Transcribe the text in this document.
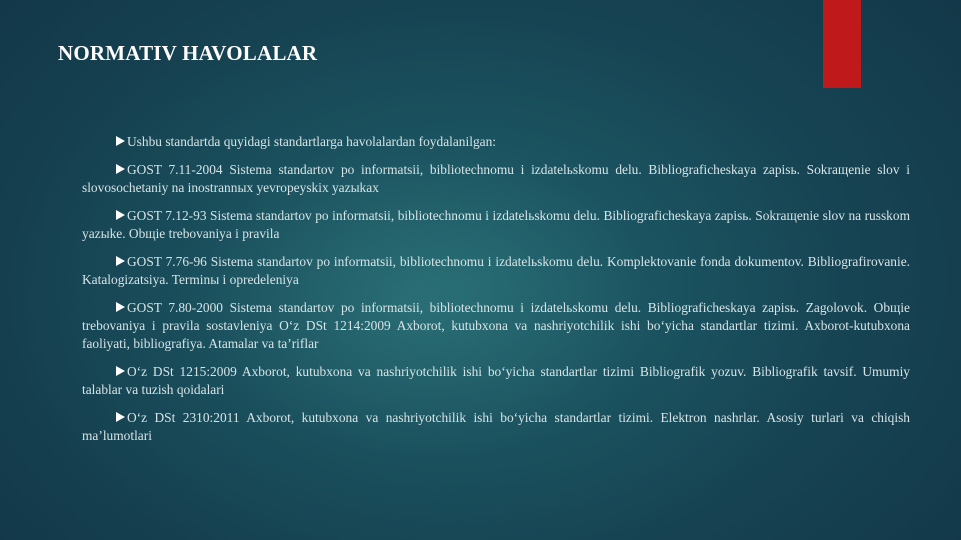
NORMATIV HAVOLALAR
Ushbu standartda quyidagi standartlarga havolalardan foydalanilgan:
GOST 7.11-2004 Sistema standartov po informatsii, bibliotechnomu i izdatelьskomu delu. Bibliograficheskaya zapisь. Sokraщenie slov i slovosochetaniy na inostrannыx yevropeyskix yazыkax
GOST 7.12-93 Sistema standartov po informatsii, bibliotechnomu i izdatelьskomu delu. Bibliograficheskaya zapisь. Sokraщenie slov na russkom yazыke. Obщie trebovaniya i pravila
GOST 7.76-96 Sistema standartov po informatsii, bibliotechnomu i izdatelьskomu delu. Komplektovanie fonda dokumentov. Bibliografirovanie. Katalogizatsiya. Terminы i opredeleniya
GOST 7.80-2000 Sistema standartov po informatsii, bibliotechnomu i izdatelьskomu delu. Bibliograficheskaya zapisь. Zagolovok. Obщie trebovaniya i pravila sostavleniya O‘z DSt 1214:2009 Axborot, kutubxona va nashriyotchilik ishi bo‘yicha standartlar tizimi. Axborot-kutubxona faoliyati, bibliografiya. Atamalar va ta’riflar
O‘z DSt 1215:2009 Axborot, kutubxona va nashriyotchilik ishi bo‘yicha standartlar tizimi Bibliografik yozuv. Bibliografik tavsif. Umumiy talablar va tuzish qoidalari
O‘z DSt 2310:2011 Axborot, kutubxona va nashriyotchilik ishi bo‘yicha standartlar tizimi. Elektron nashrlar. Asosiy turlari va chiqish ma’lumotlari
